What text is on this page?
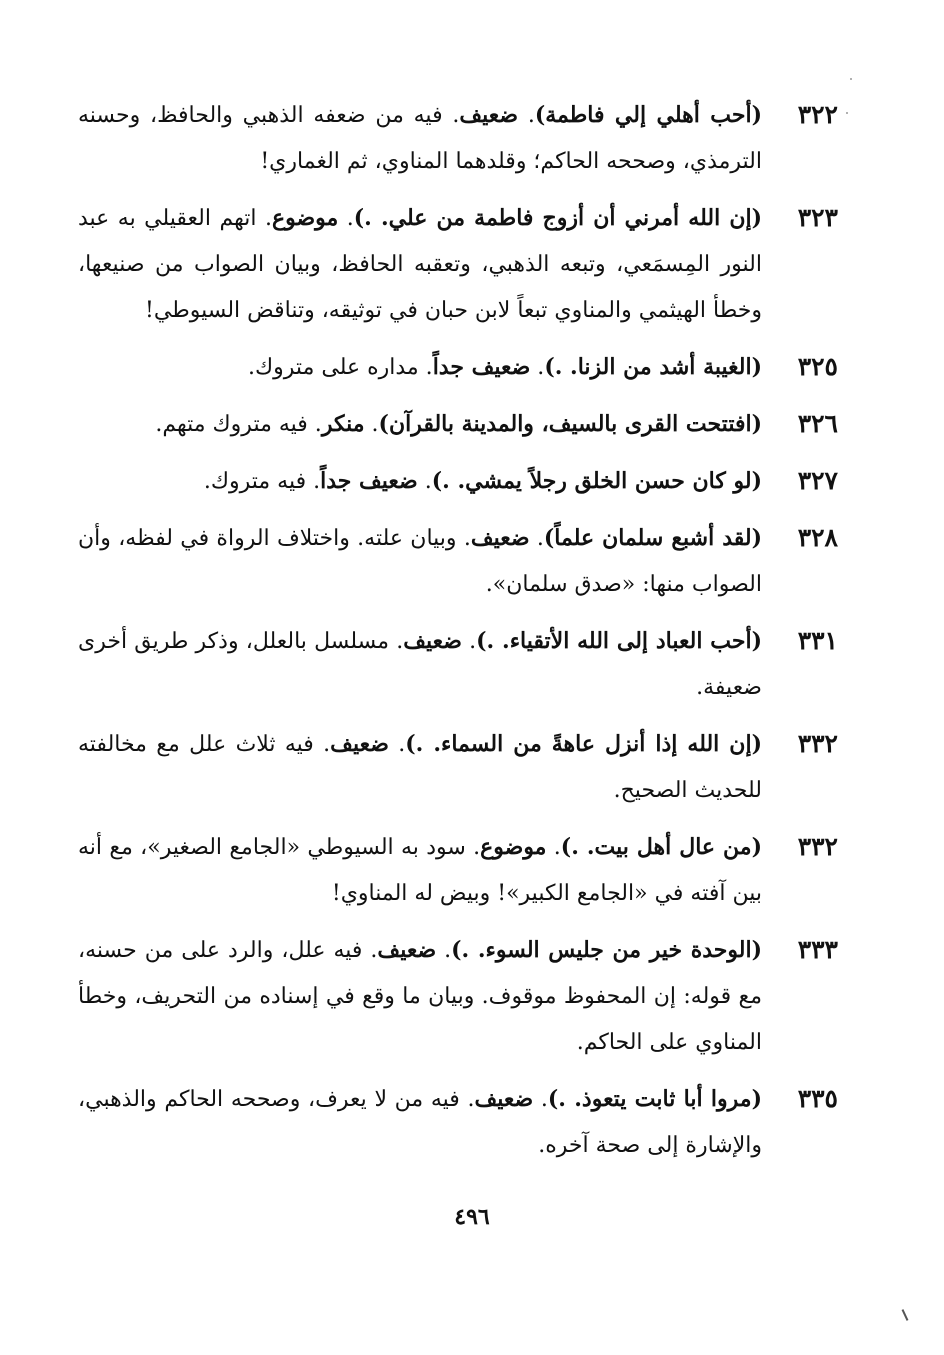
٣٢٢
(أحب أهلي إلي فاطمة). ضعيف. فيه من ضعفه الذهبي والحافظ، وحسنه الترمذي، وصححه الحاكم؛ وقلدهما المناوي، ثم الغماري!
٣٢٣
(إن الله أمرني أن أزوج فاطمة من علي. .). موضوع. اتهم العقيلي به عبد النور المِسمَعي، وتبعه الذهبي، وتعقبه الحافظ، وبيان الصواب من صنيعها، وخطأ الهيثمي والمناوي تبعاً لابن حبان في توثيقه، وتناقض السيوطي!
٣٢٥
(الغيبة أشد من الزنا. .). ضعيف جداً. مداره على متروك.
٣٢٦
(افتتحت القرى بالسيف، والمدينة بالقرآن). منكر. فيه متروك متهم.
٣٢٧
(لو كان حسن الخلق رجلاً يمشي. .). ضعيف جداً. فيه متروك.
٣٢٨
(لقد أشبع سلمان علماً). ضعيف. وبيان علته. واختلاف الرواة في لفظه، وأن الصواب منها: «صدق سلمان».
٣٣١
(أحب العباد إلى الله الأتقياء. .). ضعيف. مسلسل بالعلل، وذكر طريق أخرى ضعيفة.
٣٣٢
(إن الله إذا أنزل عاهةً من السماء. .). ضعيف. فيه ثلاث علل مع مخالفته للحديث الصحيح.
٣٣٢
(من عال أهل بيت. .). موضوع. سود به السيوطي «الجامع الصغير»، مع أنه بين آفته في «الجامع الكبير»! وبيض له المناوي!
٣٣٣
(الوحدة خير من جليس السوء. .). ضعيف. فيه علل، والرد على من حسنه، مع قوله: إن المحفوظ موقوف. وبيان ما وقع في إسناده من التحريف، وخطأ المناوي على الحاكم.
٣٣٥
(مروا أبا ثابت يتعوذ. .). ضعيف. فيه من لا يعرف، وصححه الحاكم والذهبي، والإشارة إلى صحة آخره.
٤٩٦
